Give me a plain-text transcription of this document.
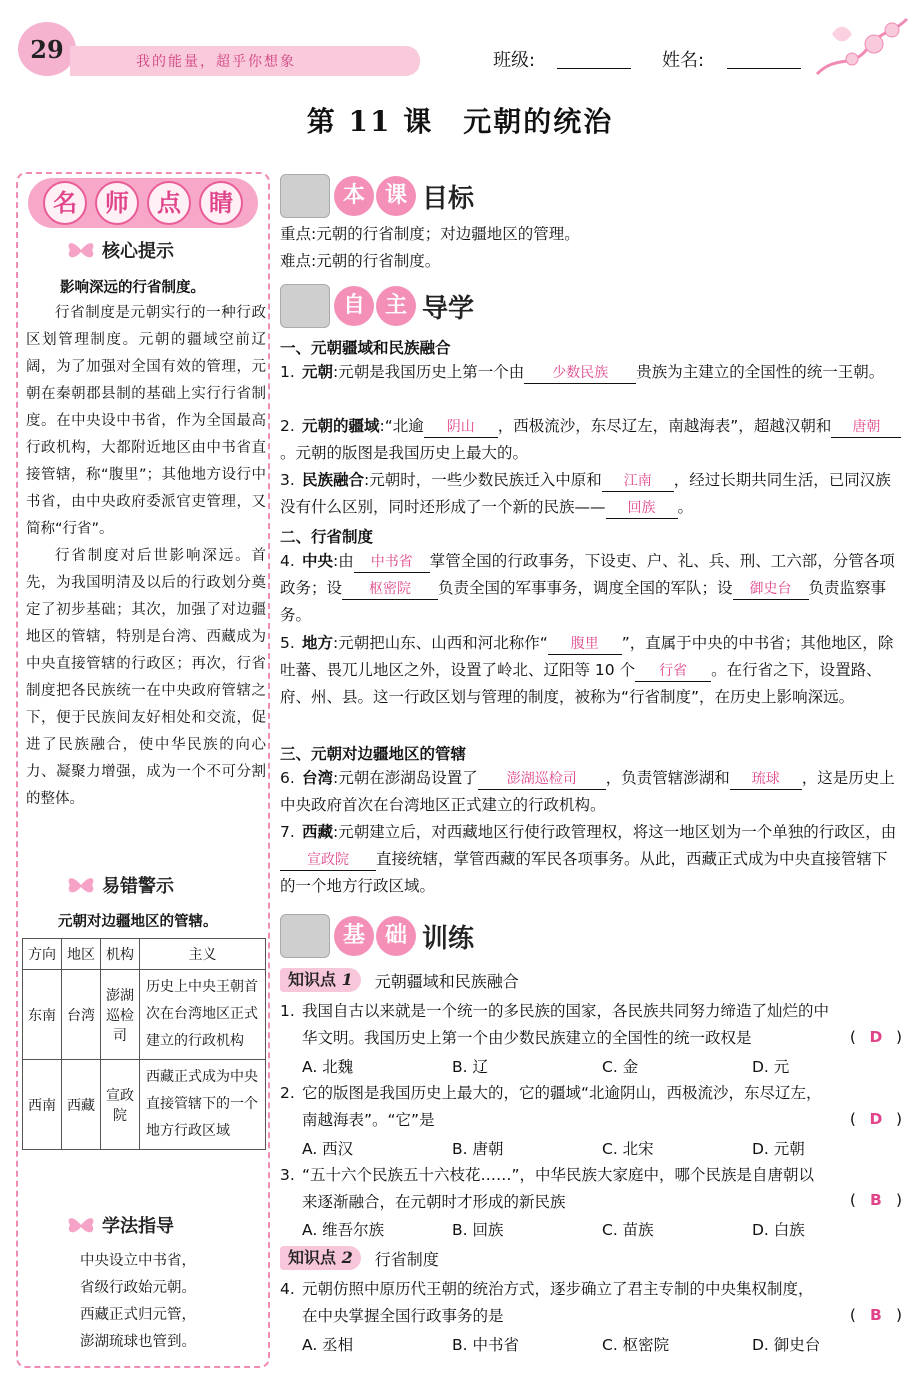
29	我的能量，超乎你想象	班级:	姓名:
第 11 课　元朝的统治
名	师	点	睛
核心提示
影响深远的行省制度。

行省制度是元朝实行的一种行政区划管理制度。元朝的疆域空前辽阔，为了加强对全国有效的管理，元朝在秦朝郡县制的基础上实行行省制度。在中央设中书省，作为全国最高行政机构，大都附近地区由中书省直接管辖，称“腹里”；其他地方设行中书省，由中央政府委派官吏管理，又简称“行省”。

行省制度对后世影响深远。首先，为我国明清及以后的行政划分奠定了初步基础；其次，加强了对边疆地区的管辖，特别是台湾、西藏成为中央直接管辖的行政区；再次，行省制度把各民族统一在中央政府管辖之下，便于民族间友好相处和交流，促进了民族融合，使中华民族的向心力、凝聚力增强，成为一个不可分割的整体。

易错警示
元朝对边疆地区的管辖。
方向	地区	机构	主义
东南	台湾	澎湖巡检司	历史上中央王朝首次在台湾地区正式建立的行政机构
西南	西藏	宣政院	西藏正式成为中央直接管辖下的一个地方行政区域
学法指导
中央设立中书省，
省级行政始元朝。
西藏正式归元管，
澎湖琉球也管到。
本 课 目标
重点:元朝的行省制度；对边疆地区的管理。
难点:元朝的行省制度。
自 主 导学
一、元朝疆域和民族融合
1. 元朝:元朝是我国历史上第一个由 少数民族 贵族为主建立的全国性的统一王朝。
2. 元朝的疆域:“北逾 阴山 ，西极流沙，东尽辽左，南越海表”，超越汉朝和 唐朝。元朝的版图是我国历史上最大的。
3. 民族融合:元朝时，一些少数民族迁入中原和 江南 ，经过长期共同生活，已同汉族没有什么区别，同时还形成了一个新的民族—— 回族 。
二、行省制度
4. 中央:由 中书省 掌管全国的行政事务，下设吏、户、礼、兵、刑、工六部，分管各项政务；设 枢密院 负责全国的军事事务，调度全国的军队；设 御史台 负责监察事务。
5. 地方:元朝把山东、山西和河北称作“ 腹里 ”，直属于中央的中书省；其他地区，除吐蕃、畏兀儿地区之外，设置了岭北、辽阳等 10 个 行省 。在行省之下，设置路、府、州、县。这一行政区划与管理的制度，被称为“行省制度”，在历史上影响深远。
三、元朝对边疆地区的管辖
6. 台湾:元朝在澎湖岛设置了 澎湖巡检司 ，负责管辖澎湖和 琉球 ，这是历史上中央政府首次在台湾地区正式建立的行政机构。
7. 西藏:元朝建立后，对西藏地区行使行政管理权，将这一地区划为一个单独的行政区，由宣政院 直接统辖，掌管西藏的军民各项事务。从此，西藏正式成为中央直接管辖下的一个地方行政区域。
基 础 训练
知识点 1	元朝疆域和民族融合
1. 我国自古以来就是一个统一的多民族的国家，各民族共同努力缔造了灿烂的中
华文明。我国历史上第一个由少数民族建立的全国性的统一政权是	( D )
A. 北魏	B. 辽	C. 金	D. 元
2. 它的版图是我国历史上最大的，它的疆域“北逾阴山，西极流沙，东尽辽左，
南越海表”。“它”是	( D )
A. 西汉	B. 唐朝	C. 北宋	D. 元朝
3. “五十六个民族五十六枝花……”，中华民族大家庭中，哪个民族是自唐朝以
来逐渐融合，在元朝时才形成的新民族	( B )
A. 维吾尔族	B. 回族	C. 苗族	D. 白族
知识点 2	行省制度
4. 元朝仿照中原历代王朝的统治方式，逐步确立了君主专制的中央集权制度，
在中央掌握全国行政事务的是	( B )
A. 丞相	B. 中书省	C. 枢密院	D. 御史台
